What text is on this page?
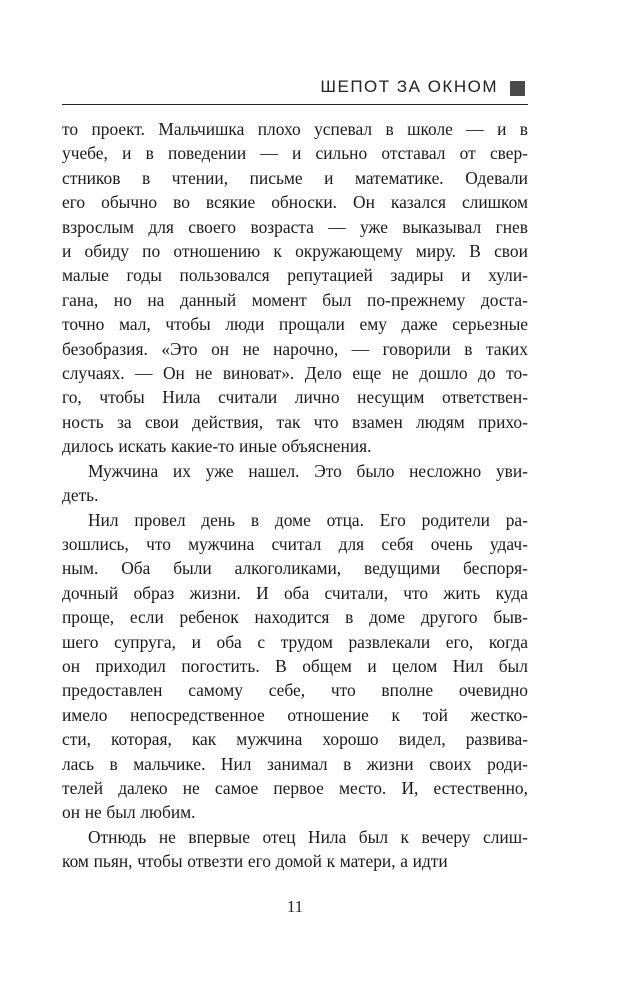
ШЕПОТ ЗА ОКНОМ
то проект. Мальчишка плохо успевал в школе — и в
учебе, и в поведении — и сильно отставал от свер-
стников в чтении, письме и математике. Одевали
его обычно во всякие обноски. Он казался слишком
взрослым для своего возраста — уже выказывал гнев
и обиду по отношению к окружающему миру. В свои
малые годы пользовался репутацией задиры и хули-
гана, но на данный момент был по-прежнему доста-
точно мал, чтобы люди прощали ему даже серьезные
безобразия. «Это он не нарочно, — говорили в таких
случаях. — Он не виноват». Дело еще не дошло до то-
го, чтобы Нила считали лично несущим ответствен-
ность за свои действия, так что взамен людям прихо-
дилось искать какие-то иные объяснения.
Мужчина их уже нашел. Это было несложно уви-
деть.
Нил провел день в доме отца. Его родители ра-
зошлись, что мужчина считал для себя очень удач-
ным. Оба были алкоголиками, ведущими беспоря-
дочный образ жизни. И оба считали, что жить куда
проще, если ребенок находится в доме другого быв-
шего супруга, и оба с трудом развлекали его, когда
он приходил погостить. В общем и целом Нил был
предоставлен самому себе, что вполне очевидно
имело непосредственное отношение к той жестко-
сти, которая, как мужчина хорошо видел, развива-
лась в мальчике. Нил занимал в жизни своих роди-
телей далеко не самое первое место. И, естественно,
он не был любим.
Отнюдь не впервые отец Нила был к вечеру слиш-
ком пьян, чтобы отвезти его домой к матери, а идти
11
